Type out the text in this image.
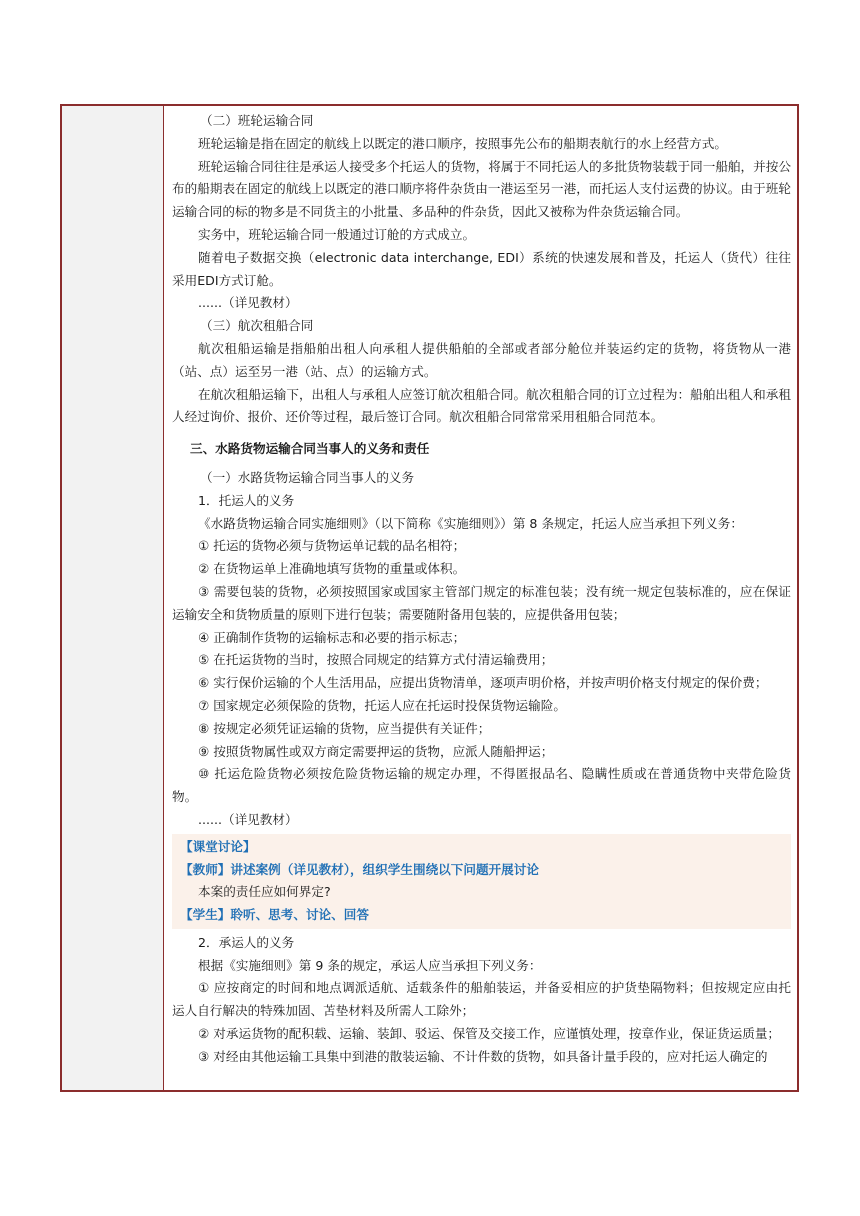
（二）班轮运输合同

班轮运输是指在固定的航线上以既定的港口顺序，按照事先公布的船期表航行的水上经营方式。

班轮运输合同往往是承运人接受多个托运人的货物，将属于不同托运人的多批货物装载于同一船舶，并按公布的船期表在固定的航线上以既定的港口顺序将件杂货由一港运至另一港，而托运人支付运费的协议。由于班轮运输合同的标的物多是不同货主的小批量、多品种的件杂货，因此又被称为件杂货运输合同。

实务中，班轮运输合同一般通过订舱的方式成立。

随着电子数据交换（electronic data interchange, EDI）系统的快速发展和普及，托运人（货代）往往采用EDI方式订舱。

......（详见教材）

（三）航次租船合同

航次租船运输是指船舶出租人向承租人提供船舶的全部或者部分舱位并装运约定的货物，将货物从一港（站、点）运至另一港（站、点）的运输方式。

在航次租船运输下，出租人与承租人应签订航次租船合同。航次租船合同的订立过程为：船舶出租人和承租人经过询价、报价、还价等过程，最后签订合同。航次租船合同常常采用租船合同范本。

三、水路货物运输合同当事人的义务和责任

（一）水路货物运输合同当事人的义务

1．托运人的义务

《水路货物运输合同实施细则》（以下简称《实施细则》）第 8 条规定，托运人应当承担下列义务：

① 托运的货物必须与货物运单记载的品名相符；

② 在货物运单上准确地填写货物的重量或体积。

③ 需要包装的货物，必须按照国家或国家主管部门规定的标准包装；没有统一规定包装标准的，应在保证运输安全和货物质量的原则下进行包装；需要随附备用包装的，应提供备用包装；

④ 正确制作货物的运输标志和必要的指示标志；

⑤ 在托运货物的当时，按照合同规定的结算方式付清运输费用；

⑥ 实行保价运输的个人生活用品，应提出货物清单，逐项声明价格，并按声明价格支付规定的保价费；

⑦ 国家规定必须保险的货物，托运人应在托运时投保货物运输险。

⑧ 按规定必须凭证运输的货物，应当提供有关证件；

⑨ 按照货物属性或双方商定需要押运的货物，应派人随船押运；

⑩ 托运危险货物必须按危险货物运输的规定办理，不得匿报品名、隐瞒性质或在普通货物中夹带危险货物。

......（详见教材）

【课堂讨论】

【教师】讲述案例（详见教材），组织学生围绕以下问题开展讨论

本案的责任应如何界定?

【学生】聆听、思考、讨论、回答

2．承运人的义务

根据《实施细则》第 9 条的规定，承运人应当承担下列义务：

① 应按商定的时间和地点调派适航、适载条件的船舶装运，并备妥相应的护货垫隔物料；但按规定应由托运人自行解决的特殊加固、苫垫材料及所需人工除外；

② 对承运货物的配积载、运输、装卸、驳运、保管及交接工作，应谨慎处理，按章作业，保证货运质量；

③ 对经由其他运输工具集中到港的散装运输、不计件数的货物，如具备计量手段的，应对托运人确定的
